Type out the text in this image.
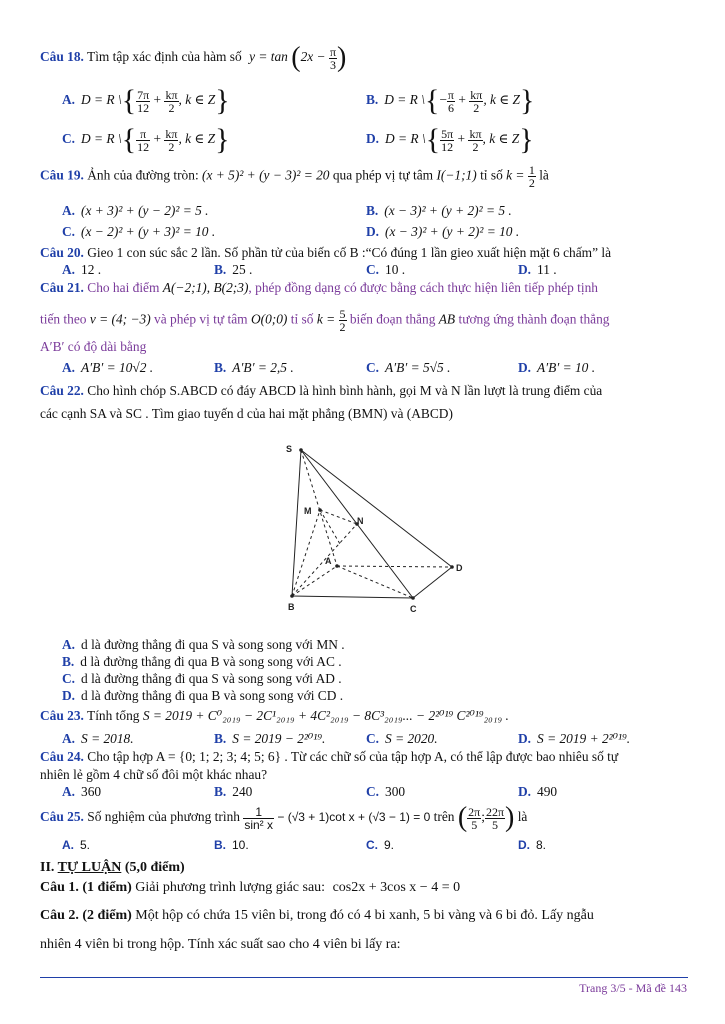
Câu 18. Tìm tập xác định của hàm số $y = \tan (2x - \frac{\pi}{3}$ )
A. D = R \{ $\frac{7\pi}{12} + \frac{k\pi}{2}$ , k ∈ Z}	B. D = R \{− $\frac{\pi}{6} + \frac{k\pi}{2}$ , k ∈ Z}
C. D = R \{ $\frac{\pi}{12} + \frac{k\pi}{2}$ , k ∈ Z}	D. D = R \{ $\frac{5\pi}{12} + \frac{k\pi}{2}$ , k ∈ Z}
Câu 19. Ảnh của đường tròn: (x + 5)² + (y − 3)² = 20 qua phép vị tự tâm I(−1;1) tỉ số $k = \frac{1}{2}$ là
A. (x + 3)² + (y − 2)² = 5 .	B. (x − 3)² + (y + 2)² = 5 .
C. (x − 2)² + (y + 3)² = 10 .	D. (x − 3)² + (y + 2)² = 10 .
Câu 20. Gieo 1 con súc sắc 2 lần. Số phần tử của biến cố B :“Có đúng 1 lần gieo xuất hiện mặt 6 chấm” là
A. 12 .	B. 25 .	C. 10 .	D. 11 .
Câu 21. Cho hai điểm A(−2;1), B(2;3), phép đồng dạng có được bằng cách thực hiện liên tiếp phép tịnh
tiến theo v = (4; −3) và phép vị tự tâm O(0;0) tỉ số $k = \frac{5}{2}$ biến đoạn thẳng AB tương ứng thành đoạn thẳng
A′B′ có độ dài bằng
A. A′B′ = 10√2 .	B. A′B′ = 2,5 .	C. A′B′ = 5√5 .	D. A′B′ = 10 .
Câu 22. Cho hình chóp S.ABCD có đáy ABCD là hình bình hành, gọi M và N lần lượt là trung điểm của
các cạnh SA và SC . Tìm giao tuyến d của hai mặt phẳng (BMN) và (ABCD)
S
M
N
A
B	C
D
A. d là đường thẳng đi qua S và song song với MN .
B. d là đường thẳng đi qua B và song song với AC .
C. d là đường thẳng đi qua S và song song với AD .
D. d là đường thẳng đi qua B và song song với CD .
Câu 23. Tính tổng S = 2019 + C⁰₂₀₁₉ − 2C¹₂₀₁₉ + 4C²₂₀₁₉ − 8C³₂₀₁₉... − 2²⁰¹⁹ C²⁰¹⁹₂₀₁₉ .
A. S = 2018.	B. S = 2019 − 2²⁰¹⁹.	C. S = 2020.	D. S = 2019 + 2²⁰¹⁹.
Câu 24. Cho tập hợp A = {0; 1; 2; 3; 4; 5; 6} . Từ các chữ số của tập hợp A, có thể lập được bao nhiêu số tự
nhiên lẻ gồm 4 chữ số đôi một khác nhau?
A. 360	B. 240	C. 300	D. 490
Câu 25. Số nghiệm của phương trình $\frac{1}{\text{sin² x}} - (√3 + 1)\cot$ x + (√3 − 1) = 0 trên ( $\frac{2\pi}{5}$ ; $\frac{22\pi}{5}$ ) là
A. 5.	B. 10.	C. 9.	D. 8.
II. TỰ LUẬN (5,0 điểm)
Câu 1. (1 điểm) Giải phương trình lượng giác sau: cos2x + 3cos x − 4 = 0
Câu 2. (2 điểm) Một hộp có chứa 15 viên bi, trong đó có 4 bi xanh, 5 bi vàng và 6 bi đỏ. Lấy ngẫu
nhiên 4 viên bi trong hộp. Tính xác suất sao cho 4 viên bi lấy ra:
Trang 3/5 - Mã đề 143
